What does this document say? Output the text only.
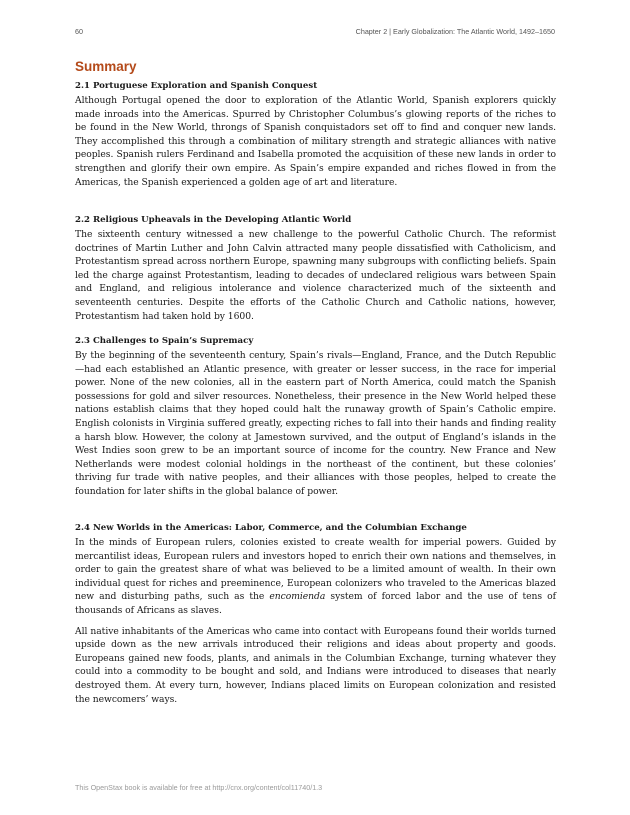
60	Chapter 2 | Early Globalization: The Atlantic World, 1492–1650
Summary
2.1 Portuguese Exploration and Spanish Conquest

Although Portugal opened the door to exploration of the Atlantic World, Spanish explorers quickly made inroads into the Americas. Spurred by Christopher Columbus’s glowing reports of the riches to be found in the New World, throngs of Spanish conquistadors set off to find and conquer new lands. They accomplished this through a combination of military strength and strategic alliances with native peoples. Spanish rulers Ferdinand and Isabella promoted the acquisition of these new lands in order to strengthen and glorify their own empire. As Spain’s empire expanded and riches flowed in from the Americas, the Spanish experienced a golden age of art and literature.

2.2 Religious Upheavals in the Developing Atlantic World

The sixteenth century witnessed a new challenge to the powerful Catholic Church. The reformist doctrines of Martin Luther and John Calvin attracted many people dissatisfied with Catholicism, and Protestantism spread across northern Europe, spawning many subgroups with conflicting beliefs. Spain led the charge against Protestantism, leading to decades of undeclared religious wars between Spain and England, and religious intolerance and violence characterized much of the sixteenth and seventeenth centuries. Despite the efforts of the Catholic Church and Catholic nations, however, Protestantism had taken hold by 1600.

2.3 Challenges to Spain’s Supremacy

By the beginning of the seventeenth century, Spain’s rivals—England, France, and the Dutch Republic—had each established an Atlantic presence, with greater or lesser success, in the race for imperial power. None of the new colonies, all in the eastern part of North America, could match the Spanish possessions for gold and silver resources. Nonetheless, their presence in the New World helped these nations establish claims that they hoped could halt the runaway growth of Spain’s Catholic empire. English colonists in Virginia suffered greatly, expecting riches to fall into their hands and finding reality a harsh blow. However, the colony at Jamestown survived, and the output of England’s islands in the West Indies soon grew to be an important source of income for the country. New France and New Netherlands were modest colonial holdings in the northeast of the continent, but these colonies’ thriving fur trade with native peoples, and their alliances with those peoples, helped to create the foundation for later shifts in the global balance of power.

2.4 New Worlds in the Americas: Labor, Commerce, and the Columbian Exchange

In the minds of European rulers, colonies existed to create wealth for imperial powers. Guided by mercantilist ideas, European rulers and investors hoped to enrich their own nations and themselves, in order to gain the greatest share of what was believed to be a limited amount of wealth. In their own individual quest for riches and preeminence, European colonizers who traveled to the Americas blazed new and disturbing paths, such as the encomienda system of forced labor and the use of tens of thousands of Africans as slaves.

All native inhabitants of the Americas who came into contact with Europeans found their worlds turned upside down as the new arrivals introduced their religions and ideas about property and goods. Europeans gained new foods, plants, and animals in the Columbian Exchange, turning whatever they could into a commodity to be bought and sold, and Indians were introduced to diseases that nearly destroyed them. At every turn, however, Indians placed limits on European colonization and resisted the newcomers’ ways.

This OpenStax book is available for free at http://cnx.org/content/col11740/1.3
